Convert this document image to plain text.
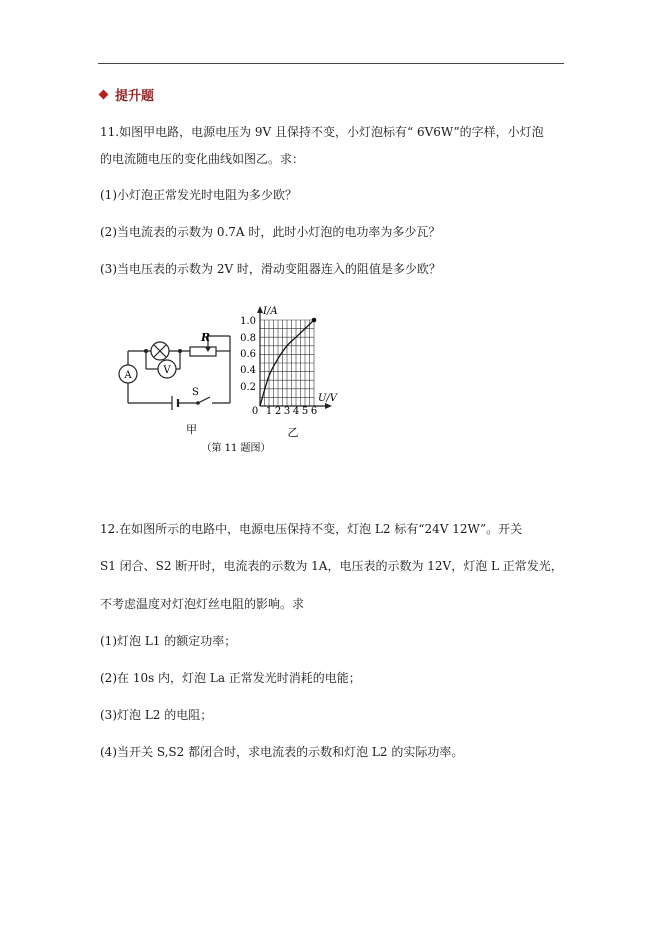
提升题
11.如图甲电路，电源电压为 9V 且保持不变，小灯泡标有“ 6V6W”的字样，小灯泡
的电流随电压的变化曲线如图乙。求：
(1)小灯泡正常发光时电阻为多少欧？
(2)当电流表的示数为 0.7A 时，此时小灯泡的电功率为多少瓦？
(3)当电压表的示数为 2V 时，滑动变阻器连入的阻值是多少欧？
R
V
A
S
甲
I/A
U/V
0
1.0
0.8
0.6
0.4
0.2
1 2 3 4 5 6
乙
（第 11 题图）
12.在如图所示的电路中，电源电压保持不变，灯泡 L2 标有“24V 12W”。开关
S1 闭合、S2 断开时，电流表的示数为 1A，电压表的示数为 12V，灯泡 L 正常发光，
不考虑温度对灯泡灯丝电阻的影响。求
(1)灯泡 L1 的额定功率；
(2)在 10s 内，灯泡 La 正常发光时消耗的电能；
(3)灯泡 L2 的电阻；
(4)当开关 S,S2 都闭合时，求电流表的示数和灯泡 L2 的实际功率。
